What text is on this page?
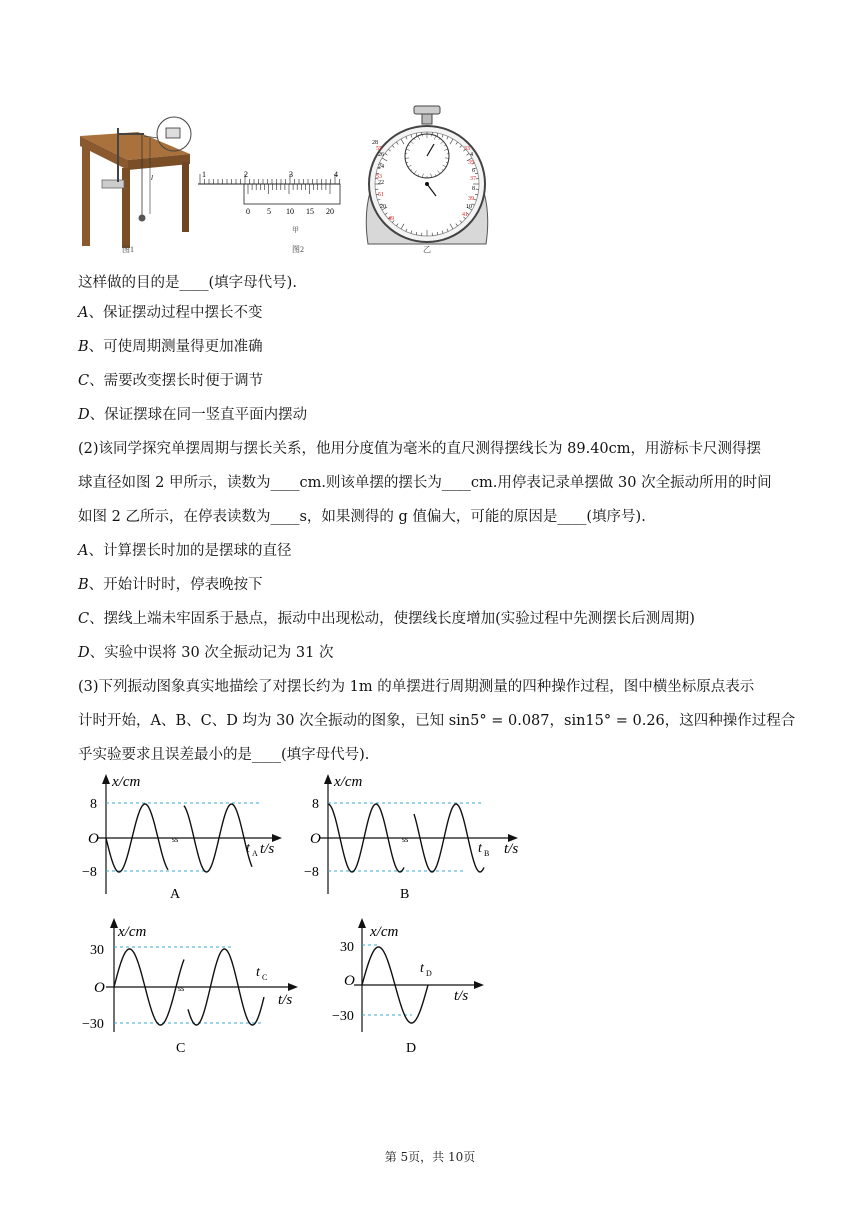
l
图1
1	2	3	4
0 5 10 15 20
甲
图2
28
26
24
22
20
55
53
51
49
33
35
37
39
41
4
6
8
10
乙

这样做的目的是____(填字母代号).

A、保证摆动过程中摆长不变

B、可使周期测量得更加准确

C、需要改变摆长时便于调节

D、保证摆球在同一竖直平面内摆动

(2)该同学探究单摆周期与摆长关系，他用分度值为毫米的直尺测得摆线长为 89.40cm，用游标卡尺测得摆

球直径如图 2 甲所示，读数为____cm.则该单摆的摆长为____cm.用停表记录单摆做 30 次全振动所用的时间

如图 2 乙所示，在停表读数为____s，如果测得的 g 值偏大，可能的原因是____(填序号).

A、计算摆长时加的是摆球的直径

B、开始计时时，停表晚按下

C、摆线上端未牢固系于悬点，振动中出现松动，使摆线长度增加(实验过程中先测摆长后测周期)

D、实验中误将 30 次全振动记为 31 次

(3)下列振动图象真实地描绘了对摆长约为 1m 的单摆进行周期测量的四种操作过程，图中横坐标原点表示

计时开始，A、B、C、D 均为 30 次全振动的图象，已知 sin5° = 0.087，sin15° = 0.26，这四种操作过程合

乎实验要求且误差最小的是____(填字母代号).

ss
x/cm
8
O
−8
t A t/s
A
ss
x/cm
8
O
−8
t B t/s
B
ss
x/cm
30
O
−30
t C
t/s
C
x/cm
30
O
−30
t D
t/s
D
第 5页，共 10页
